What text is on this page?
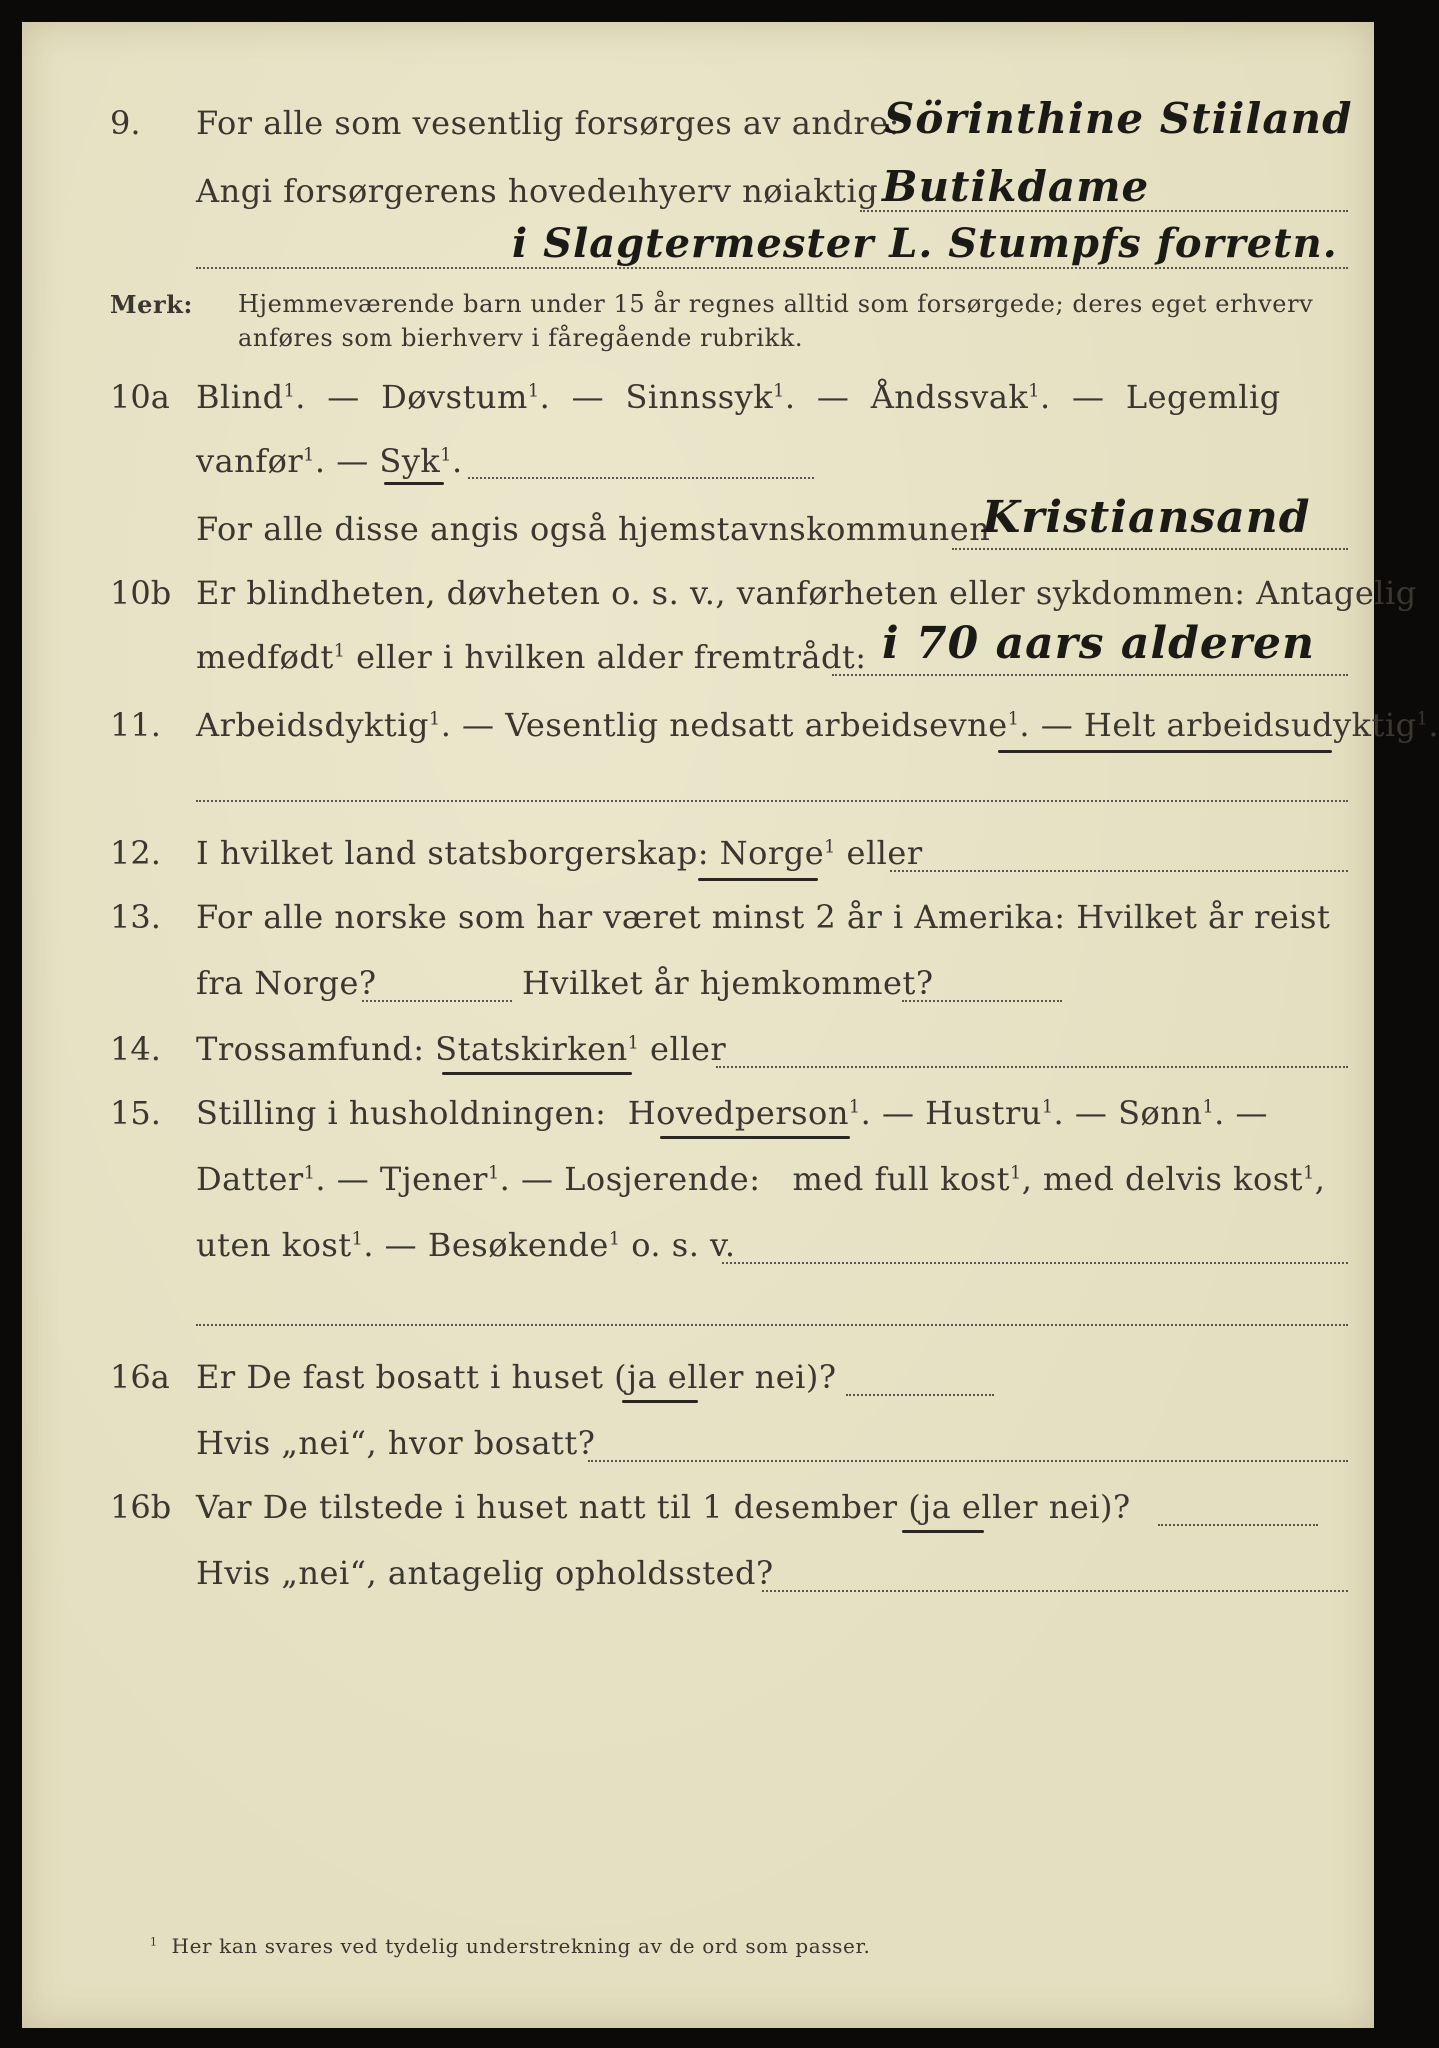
9. For alle som vesentlig forsørges av andre:
Sörinthine Stiiland
Angi forsørgerens hovedeıhyerv nøiaktig Butikdame
i Slagtermester L. Stumpfs forretn.
Merk: Hjemmeværende barn under 15 år regnes alltid som forsørgede; deres eget erhverv
anføres som bierhverv i fåregående rubrikk.
10a Blind$^1$.  —  Døvstum$^1$.  —  Sinnssyk$^1$.  —  Åndssvak$^1$.  —  Legemlig
vanfør$^1$. — Syk$^1$.
For alle disse angis også hjemstavnskommunen
Kristiansand
10b Er blindheten, døvheten o. s. v., vanførheten eller sykdommen: Antagelig
medfødt$^1$ eller i hvilken alder fremtrådt: i 70 aars alderen
11. Arbeidsdyktig$^1$. — Vesentlig nedsatt arbeidsevne$^1$. — Helt arbeidsudyktig$^1$.
12. I hvilket land statsborgerskap: Norge$^1$ eller
13. For alle norske som har været minst 2 år i Amerika: Hvilket år reist
fra Norge?	Hvilket år hjemkommet?
14. Trossamfund: Statskirken$^1$ eller
15. Stilling i husholdningen: Hovedperson$^1$. — Hustru$^1$. — Sønn$^1$. —
Datter$^1$. — Tjener$^1$. — Losjerende: med full kost$^1$, med delvis kost$^1$,
uten kost$^1$. — Besøkende$^1$ o. s. v.
16a Er De fast bosatt i huset (ja eller nei)?
Hvis „nei“, hvor bosatt?
16b Var De tilstede i huset natt til 1 desember (ja eller nei)?
Hvis „nei“, antagelig opholdssted?
$^1$ Her kan svares ved tydelig understrekning av de ord som passer.
